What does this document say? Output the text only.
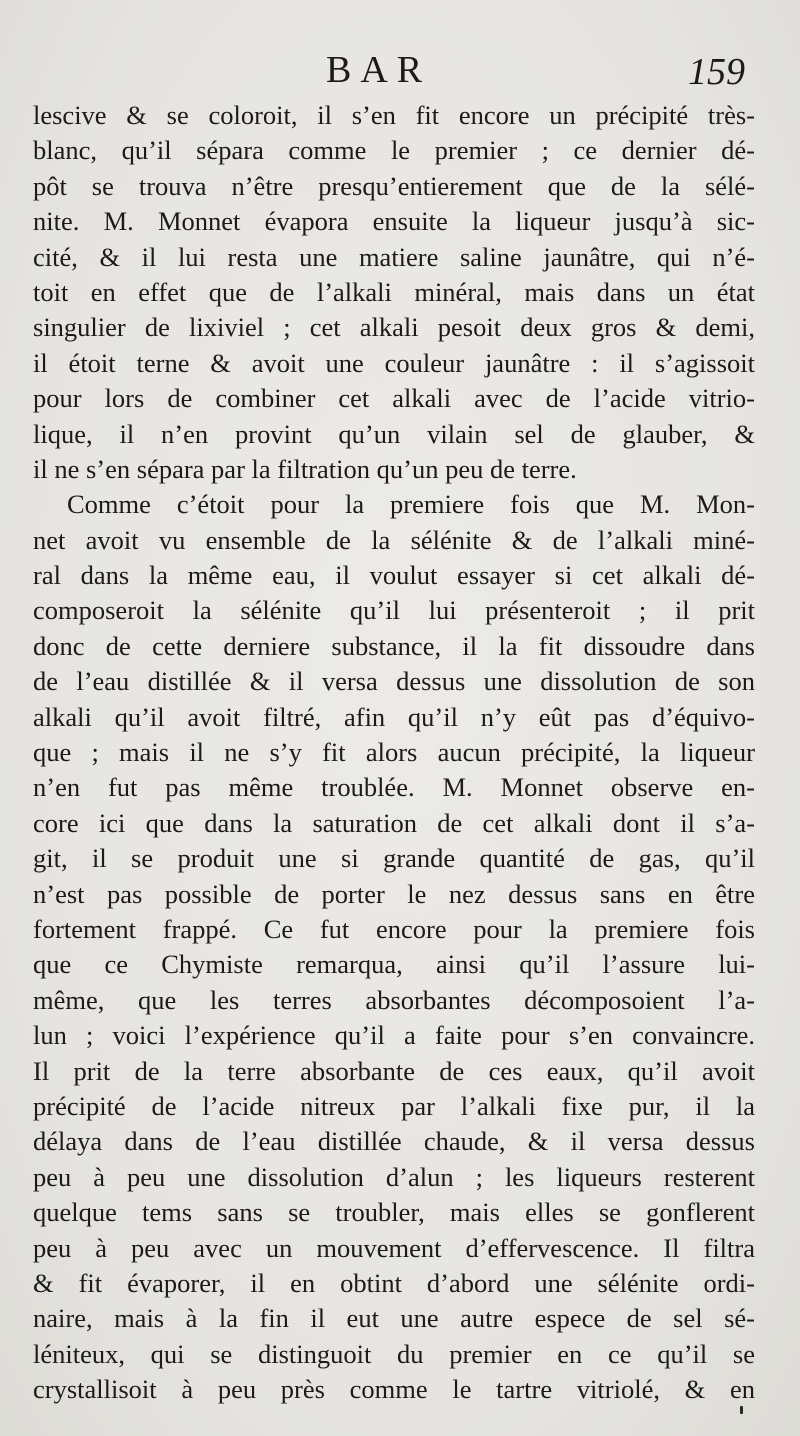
BAR	159
lescive & se coloroit, il s’en fit encore un précipité très-
blanc, qu’il sépara comme le premier ; ce dernier dé-
pôt se trouva n’être presqu’entierement que de la sélé-
nite. M. Monnet évapora ensuite la liqueur jusqu’à sic-
cité, & il lui resta une matiere saline jaunâtre, qui n’é-
toit en effet que de l’alkali minéral, mais dans un état
singulier de lixiviel ; cet alkali pesoit deux gros & demi,
il étoit terne & avoit une couleur jaunâtre : il s’agissoit
pour lors de combiner cet alkali avec de l’acide vitrio-
lique, il n’en provint qu’un vilain sel de glauber, &
il ne s’en sépara par la filtration qu’un peu de terre.
Comme c’étoit pour la premiere fois que M. Mon-
net avoit vu ensemble de la sélénite & de l’alkali miné-
ral dans la même eau, il voulut essayer si cet alkali dé-
composeroit la sélénite qu’il lui présenteroit ; il prit
donc de cette derniere substance, il la fit dissoudre dans
de l’eau distillée & il versa dessus une dissolution de son
alkali qu’il avoit filtré, afin qu’il n’y eût pas d’équivo-
que ; mais il ne s’y fit alors aucun précipité, la liqueur
n’en fut pas même troublée. M. Monnet observe en-
core ici que dans la saturation de cet alkali dont il s’a-
git, il se produit une si grande quantité de gas, qu’il
n’est pas possible de porter le nez dessus sans en être
fortement frappé. Ce fut encore pour la premiere fois
que ce Chymiste remarqua, ainsi qu’il l’assure lui-
même, que les terres absorbantes décomposoient l’a-
lun ; voici l’expérience qu’il a faite pour s’en convaincre.
Il prit de la terre absorbante de ces eaux, qu’il avoit
précipité de l’acide nitreux par l’alkali fixe pur, il la
délaya dans de l’eau distillée chaude, & il versa dessus
peu à peu une dissolution d’alun ; les liqueurs resterent
quelque tems sans se troubler, mais elles se gonflerent
peu à peu avec un mouvement d’effervescence. Il filtra
& fit évaporer, il en obtint d’abord une sélénite ordi-
naire, mais à la fin il eut une autre espece de sel sé-
léniteux, qui se distinguoit du premier en ce qu’il se
crystallisoit à peu près comme le tartre vitriolé, & en
